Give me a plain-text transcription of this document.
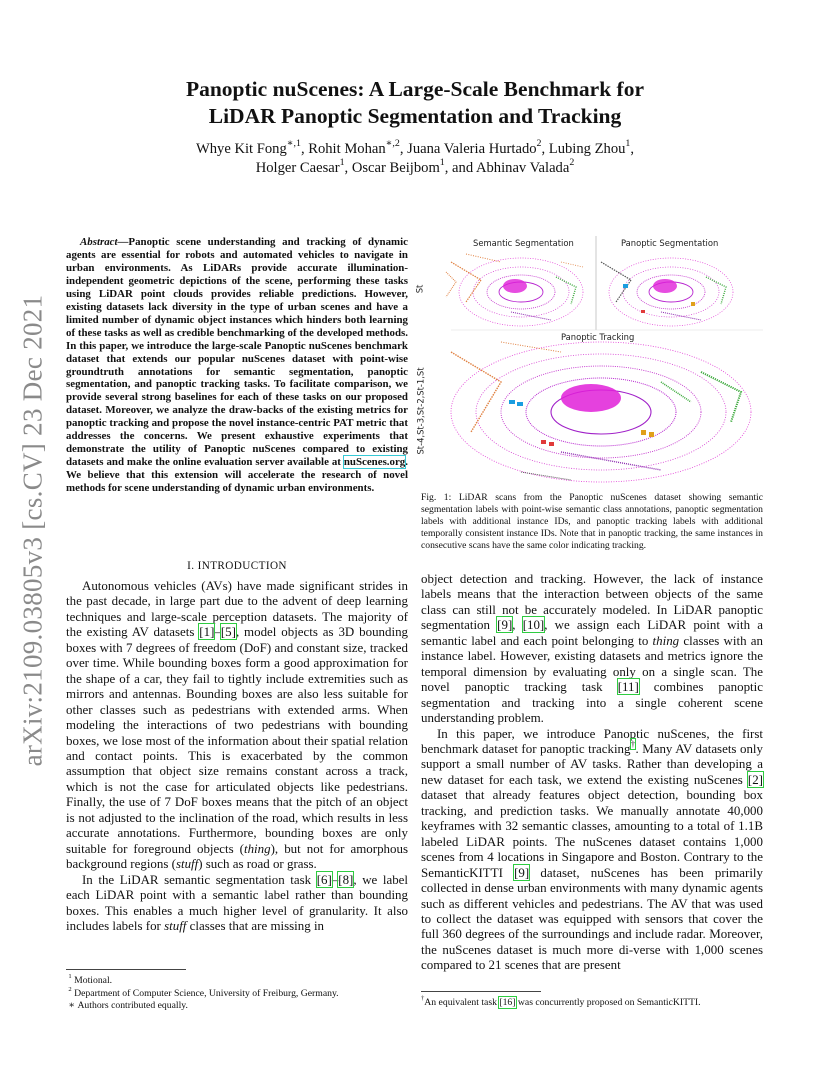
arXiv:2109.03805v3 [cs.CV] 23 Dec 2021
Panoptic nuScenes: A Large-Scale Benchmark for
LiDAR Panoptic Segmentation and Tracking
Whye Kit Fong$^{∗,1}$, Rohit Mohan$^{∗,2}$, Juana Valeria Hurtado$^2$, Lubing Zhou$^1$,
Holger Caesar$^1$, Oscar Beijbom$^1$, and Abhinav Valada$^2$
Abstract—Panoptic scene understanding and tracking of dynamic agents are essential for robots and automated vehicles to navigate in urban environments. As LiDARs provide accurate illumination-independent geometric depictions of the scene, performing these tasks using LiDAR point clouds provides reliable predictions. However, existing datasets lack diversity in the type of urban scenes and have a limited number of dynamic object instances which hinders both learning of these tasks as well as credible benchmarking of the developed methods. In this paper, we introduce the large-scale Panoptic nuScenes benchmark dataset that extends our popular nuScenes dataset with point-wise groundtruth annotations for semantic segmentation, panoptic segmentation, and panoptic tracking tasks. To facilitate comparison, we provide several strong baselines for each of these tasks on our proposed dataset. Moreover, we analyze the draw-backs of the existing metrics for panoptic tracking and propose the novel instance-centric PAT metric that addresses the concerns. We present exhaustive experiments that demonstrate the utility of Panoptic nuScenes compared to existing datasets and make the online evaluation server available at nuScenes.org. We believe that this extension will accelerate the research of novel methods for scene understanding of dynamic urban environments.
I. INTRODUCTION

Autonomous vehicles (AVs) have made significant strides in the past decade, in large part due to the advent of deep learning techniques and large-scale perception datasets. The majority of the existing AV datasets [1]–[5], model objects as 3D bounding boxes with 7 degrees of freedom (DoF) and constant size, tracked over time. While bounding boxes form a good approximation for the shape of a car, they fail to tightly include extremities such as mirrors and antennas. Bounding boxes are also less suitable for other classes such as pedestrians with extended arms. When modeling the interactions of two pedestrians with bounding boxes, we lose most of the information about their spatial relation and contact points. This is exacerbated by the common assumption that object size remains constant across a track, which is not the case for articulated objects like pedestrians. Finally, the use of 7 DoF boxes means that the pitch of an object is not adjusted to the inclination of the road, which results in less accurate annotations. Furthermore, bounding boxes are only suitable for foreground objects (thing), but not for amorphous background regions (stuff) such as road or grass.

In the LiDAR semantic segmentation task [6]–[8], we label each LiDAR point with a semantic label rather than bounding boxes. This enables a much higher level of granularity. It also includes labels for stuff classes that are missing in

$^1$ Motional.
$^2$ Department of Computer Science, University of Freiburg, Germany.
∗ Authors contributed equally.
Semantic Segmentation	Panoptic Segmentation
Panoptic Tracking
St
St-4,St-3,St-2,St-1,St
Fig. 1: LiDAR scans from the Panoptic nuScenes dataset showing semantic segmentation labels with point-wise semantic class annotations, panoptic segmentation labels with additional instance IDs, and panoptic tracking labels with additional temporally consistent instance IDs. Note that in panoptic tracking, the same instances in consecutive scans have the same color indicating tracking.

object detection and tracking. However, the lack of instance labels means that the interaction between objects of the same class can still not be accurately modeled. In LiDAR panoptic segmentation [9], [10], we assign each LiDAR point with a semantic label and each point belonging to thing classes with an instance label. However, existing datasets and metrics ignore the temporal dimension by evaluating only on a single scan. The novel panoptic tracking task [11] combines panoptic segmentation and tracking into a single coherent scene understanding problem.

In this paper, we introduce Panoptic nuScenes, the first benchmark dataset for panoptic tracking†. Many AV datasets only support a small number of AV tasks. Rather than developing a new dataset for each task, we extend the existing nuScenes [2] dataset that already features object detection, bounding box tracking, and prediction tasks. We manually annotate 40,000 keyframes with 32 semantic classes, amounting to a total of 1.1B labeled LiDAR points. The nuScenes dataset contains 1,000 scenes from 4 locations in Singapore and Boston. Contrary to the SemanticKITTI [9] dataset, nuScenes has been primarily collected in dense urban environments with many dynamic agents such as different vehicles and pedestrians. The AV that was used to collect the dataset was equipped with sensors that cover the full 360 degrees of the surroundings and include radar. Moreover, the nuScenes dataset is much more di-verse with 1,000 scenes compared to 21 scenes that are present

†An equivalent task [16] was concurrently proposed on SemanticKITTI.
